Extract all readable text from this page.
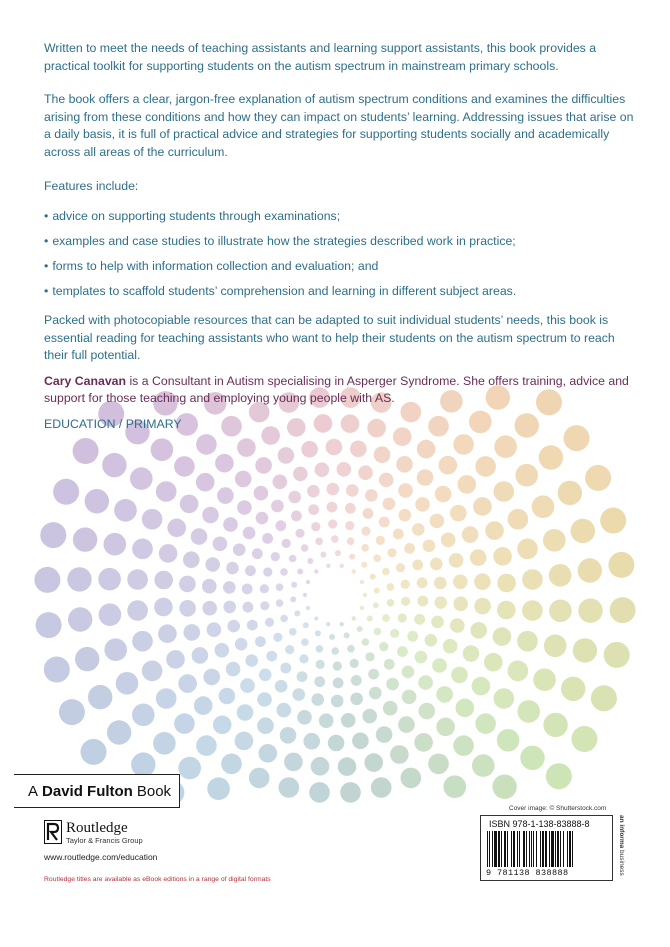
Written to meet the needs of teaching assistants and learning support assistants, this book provides a practical toolkit for supporting students on the autism spectrum in mainstream primary schools.

The book offers a clear, jargon-free explanation of autism spectrum conditions and examines the difficulties arising from these conditions and how they can impact on students’ learning. Addressing issues that arise on a daily basis, it is full of practical advice and strategies for supporting students socially and academically across all areas of the curriculum.

Features include:

• advice on supporting students through examinations;
• examples and case studies to illustrate how the strategies described work in practice;
• forms to help with information collection and evaluation; and
• templates to scaffold students’ comprehension and learning in different subject areas.

Packed with photocopiable resources that can be adapted to suit individual students’ needs, this book is essential reading for teaching assistants who want to help their students on the autism spectrum to reach their full potential.

Cary Canavan is a Consultant in Autism specialising in Asperger Syndrome. She offers training, advice and support for those teaching and employing young people with AS.

EDUCATION / PRIMARY

A David Fulton Book
Routledge
Taylor & Francis Group
www.routledge.com/education
Routledge titles are available as eBook editions in a range of digital formats
Cover image: © Shutterstock.com
ISBN 978-1-138-83888-8
9 781138 838888
an informa business
